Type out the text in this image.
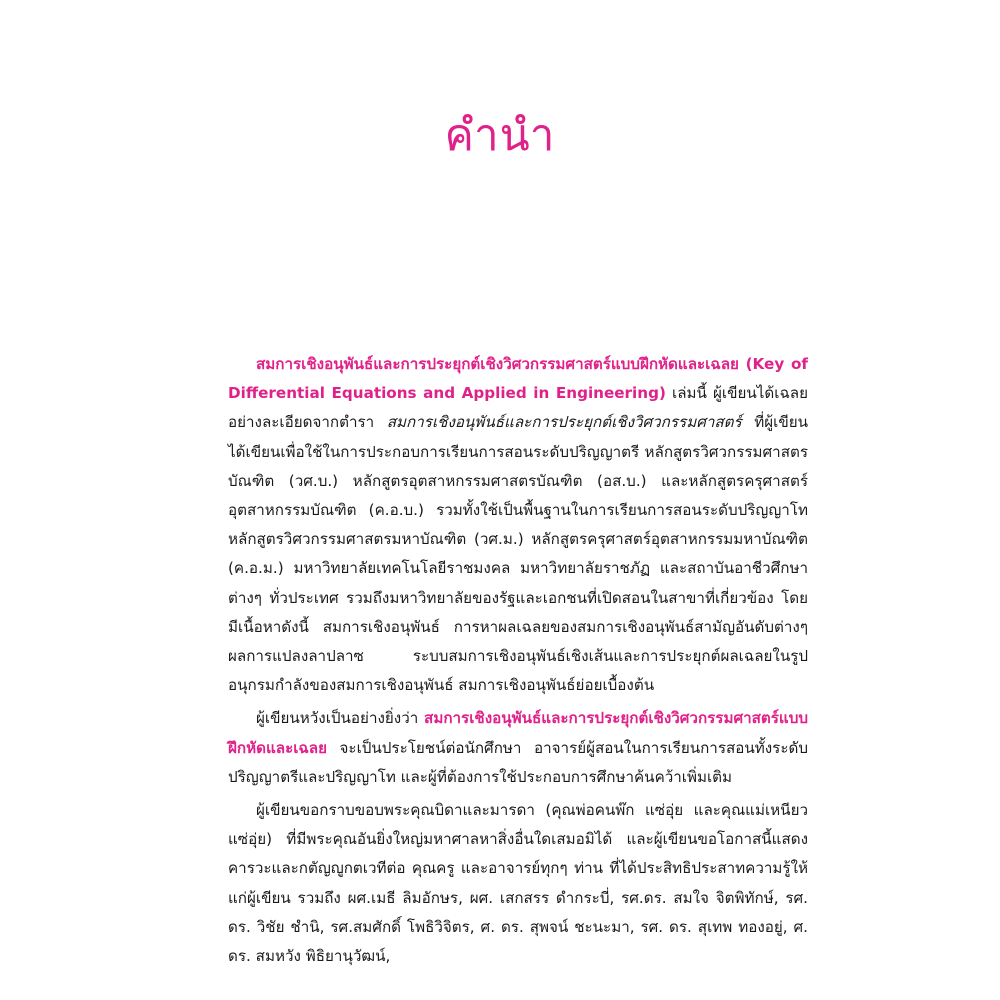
คำนำ

สมการเชิงอนุพันธ์และการประยุกต์เชิงวิศวกรรมศาสตร์แบบฝึกหัดและเฉลย (Key of Differential Equations and Applied in Engineering) เล่มนี้ ผู้เขียนได้เฉลยอย่างละเอียดจากตำรา สมการเชิงอนุพันธ์และการประยุกต์เชิงวิศวกรรมศาสตร์ ที่ผู้เขียนได้เขียนเพื่อใช้ในการประกอบการเรียนการสอนระดับปริญญาตรี หลักสูตรวิศวกรรมศาสตรบัณฑิต (วศ.บ.) หลักสูตรอุตสาหกรรมศาสตรบัณฑิต (อส.บ.) และหลักสูตรครุศาสตร์อุตสาหกรรมบัณฑิต (ค.อ.บ.) รวมทั้งใช้เป็นพื้นฐานในการเรียนการสอนระดับปริญญาโท หลักสูตรวิศวกรรมศาสตรมหาบัณฑิต (วศ.ม.) หลักสูตรครุศาสตร์อุตสาหกรรมมหาบัณฑิต (ค.อ.ม.) มหาวิทยาลัยเทคโนโลยีราชมงคล มหาวิทยาลัยราชภัฏ และสถาบันอาชีวศึกษาต่างๆ ทั่วประเทศ รวมถึงมหาวิทยาลัยของรัฐและเอกชนที่เปิดสอนในสาขาที่เกี่ยวข้อง โดยมีเนื้อหาดังนี้ สมการเชิงอนุพันธ์ การหาผลเฉลยของสมการเชิงอนุพันธ์สามัญอันดับต่างๆ ผลการแปลงลาปลาซ ระบบสมการเชิงอนุพันธ์เชิงเส้นและการประยุกต์ผลเฉลยในรูปอนุกรมกำลังของสมการเชิงอนุพันธ์ สมการเชิงอนุพันธ์ย่อยเบื้องต้น

ผู้เขียนหวังเป็นอย่างยิ่งว่า สมการเชิงอนุพันธ์และการประยุกต์เชิงวิศวกรรมศาสตร์แบบฝึกหัดและเฉลย จะเป็นประโยชน์ต่อนักศึกษา อาจารย์ผู้สอนในการเรียนการสอนทั้งระดับปริญญาตรีและปริญญาโท และผู้ที่ต้องการใช้ประกอบการศึกษาค้นคว้าเพิ่มเติม

ผู้เขียนขอกราบขอบพระคุณบิดาและมารดา (คุณพ่อคนพ๊ก แซ่อุ่ย และคุณแม่เหนียว แซ่อุ่ย) ที่มีพระคุณอันยิ่งใหญ่มหาศาลหาสิ่งอื่นใดเสมอมิได้ และผู้เขียนขอโอกาสนี้แสดงคารวะและกตัญญูกตเวทีต่อ คุณครู และอาจารย์ทุกๆ ท่าน ที่ได้ประสิทธิประสาทความรู้ให้แก่ผู้เขียน รวมถึง ผศ.เมธี ลิมอักษร, ผศ. เสกสรร ดำกระบี่, รศ.ดร. สมใจ จิตพิทักษ์, รศ. ดร. วิชัย ชำนิ, รศ.สมศักดิ์ โพธิวิจิตร, ศ. ดร. สุพจน์ ชะนะมา, รศ. ดร. สุเทพ ทองอยู่, ศ. ดร. สมหวัง พิธิยานุวัฒน์,
